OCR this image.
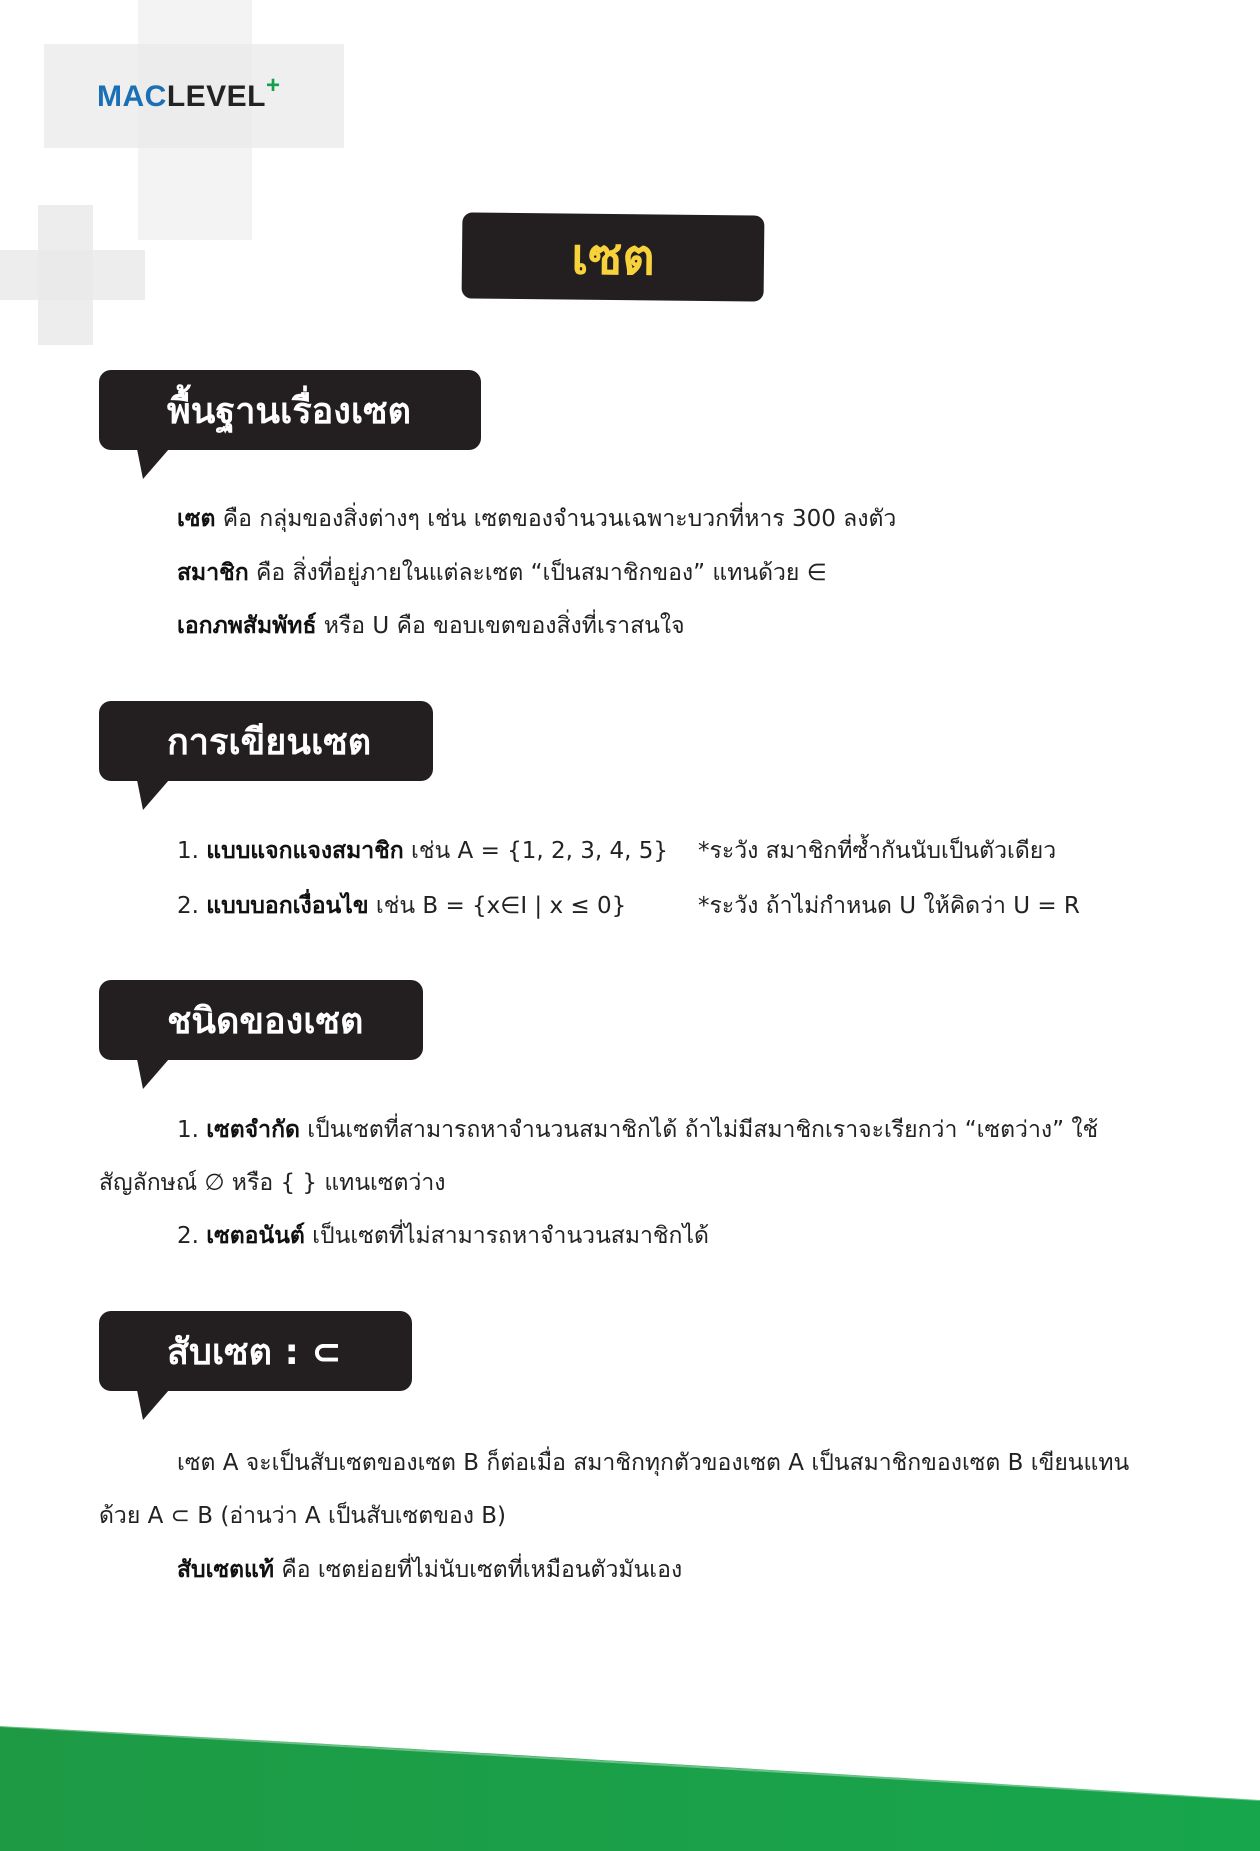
MACLEVEL+
เซต
พื้นฐานเรื่องเซต
เซต คือ กลุ่มของสิ่งต่างๆ เช่น เซตของจำนวนเฉพาะบวกที่หาร 300 ลงตัว
สมาชิก คือ สิ่งที่อยู่ภายในแต่ละเซต “เป็นสมาชิกของ” แทนด้วย ∈
เอกภพสัมพัทธ์ หรือ U คือ ขอบเขตของสิ่งที่เราสนใจ
การเขียนเซต
1. แบบแจกแจงสมาชิก เช่น A = {1, 2, 3, 4, 5} *ระวัง สมาชิกที่ซ้ำกันนับเป็นตัวเดียว
2. แบบบอกเงื่อนไข เช่น B = {x∈I | x ≤ 0}	*ระวัง ถ้าไม่กำหนด U ให้คิดว่า U = R
ชนิดของเซต
1. เซตจำกัด เป็นเซตที่สามารถหาจำนวนสมาชิกได้ ถ้าไม่มีสมาชิกเราจะเรียกว่า “เซตว่าง” ใช้
สัญลักษณ์ ∅ หรือ { } แทนเซตว่าง
2. เซตอนันต์ เป็นเซตที่ไม่สามารถหาจำนวนสมาชิกได้
สับเซต : ⊂
เซต A จะเป็นสับเซตของเซต B ก็ต่อเมื่อ สมาชิกทุกตัวของเซต A เป็นสมาชิกของเซต B เขียนแทน
ด้วย A ⊂ B (อ่านว่า A เป็นสับเซตของ B)
สับเซตแท้ คือ เซตย่อยที่ไม่นับเซตที่เหมือนตัวมันเอง
